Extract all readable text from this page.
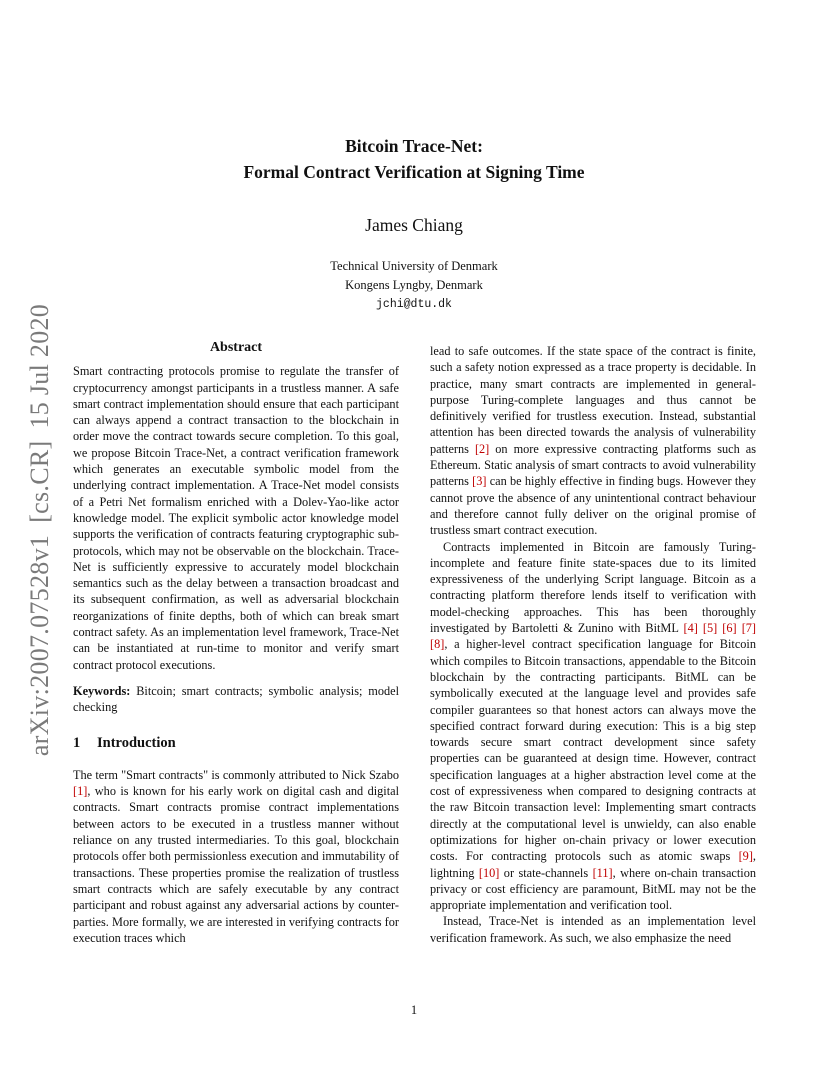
arXiv:2007.07528v1[cs.CR]15 Jul 2020
Bitcoin Trace-Net:
Formal Contract Verification at Signing Time
James Chiang
Technical University of Denmark
Kongens Lyngby, Denmark
jchi@dtu.dk
Abstract

Smart contracting protocols promise to regulate the transfer of cryptocurrency amongst participants in a trustless manner. A safe smart contract implementation should ensure that each participant can always append a contract transaction to the blockchain in order move the contract towards secure completion. To this goal, we propose Bitcoin Trace-Net, a contract verification framework which generates an executable symbolic model from the underlying contract implementation. A Trace-Net model consists of a Petri Net formalism enriched with a Dolev-Yao-like actor knowledge model. The explicit symbolic actor knowledge model supports the verification of contracts featuring cryptographic sub-protocols, which may not be observable on the blockchain. Trace-Net is sufficiently expressive to accurately model blockchain semantics such as the delay between a transaction broadcast and its subsequent confirmation, as well as adversarial blockchain reorganizations of finite depths, both of which can break smart contract safety. As an implementation level framework, Trace-Net can be instantiated at run-time to monitor and verify smart contract protocol executions.

Keywords: Bitcoin; smart contracts; symbolic analysis; model checking

1 Introduction

The term "Smart contracts" is commonly attributed to Nick Szabo [1], who is known for his early work on digital cash and digital contracts. Smart contracts promise contract implementations between actors to be executed in a trustless manner without reliance on any trusted intermediaries. To this goal, blockchain protocols offer both permissionless execution and immutability of transactions. These properties promise the realization of trustless smart contracts which are safely executable by any contract participant and robust against any adversarial actions by counter-parties. More formally, we are interested in verifying contracts for execution traces which

lead to safe outcomes. If the state space of the contract is finite, such a safety notion expressed as a trace property is decidable. In practice, many smart contracts are implemented in general-purpose Turing-complete languages and thus cannot be definitively verified for trustless execution. Instead, substantial attention has been directed towards the analysis of vulnerability patterns [2] on more expressive contracting platforms such as Ethereum. Static analysis of smart contracts to avoid vulnerability patterns [3] can be highly effective in finding bugs. However they cannot prove the absence of any unintentional contract behaviour and therefore cannot fully deliver on the original promise of trustless smart contract execution.

Contracts implemented in Bitcoin are famously Turing-incomplete and feature finite state-spaces due to its limited expressiveness of the underlying Script language. Bitcoin as a contracting platform therefore lends itself to verification with model-checking approaches. This has been thoroughly investigated by Bartoletti & Zunino with BitML [4] [5] [6] [7] [8], a higher-level contract specification language for Bitcoin which compiles to Bitcoin transactions, appendable to the Bitcoin blockchain by the contracting participants. BitML can be symbolically executed at the language level and provides safe compiler guarantees so that honest actors can always move the specified contract forward during execution: This is a big step towards secure smart contract development since safety properties can be guaranteed at design time. However, contract specification languages at a higher abstraction level come at the cost of expressiveness when compared to designing contracts at the raw Bitcoin transaction level: Implementing smart contracts directly at the computational level is unwieldy, can also enable optimizations for higher on-chain privacy or lower execution costs. For contracting protocols such as atomic swaps [9], lightning [10] or state-channels [11], where on-chain transaction privacy or cost efficiency are paramount, BitML may not be the appropriate implementation and verification tool.

Instead, Trace-Net is intended as an implementation level verification framework. As such, we also emphasize the need

1
